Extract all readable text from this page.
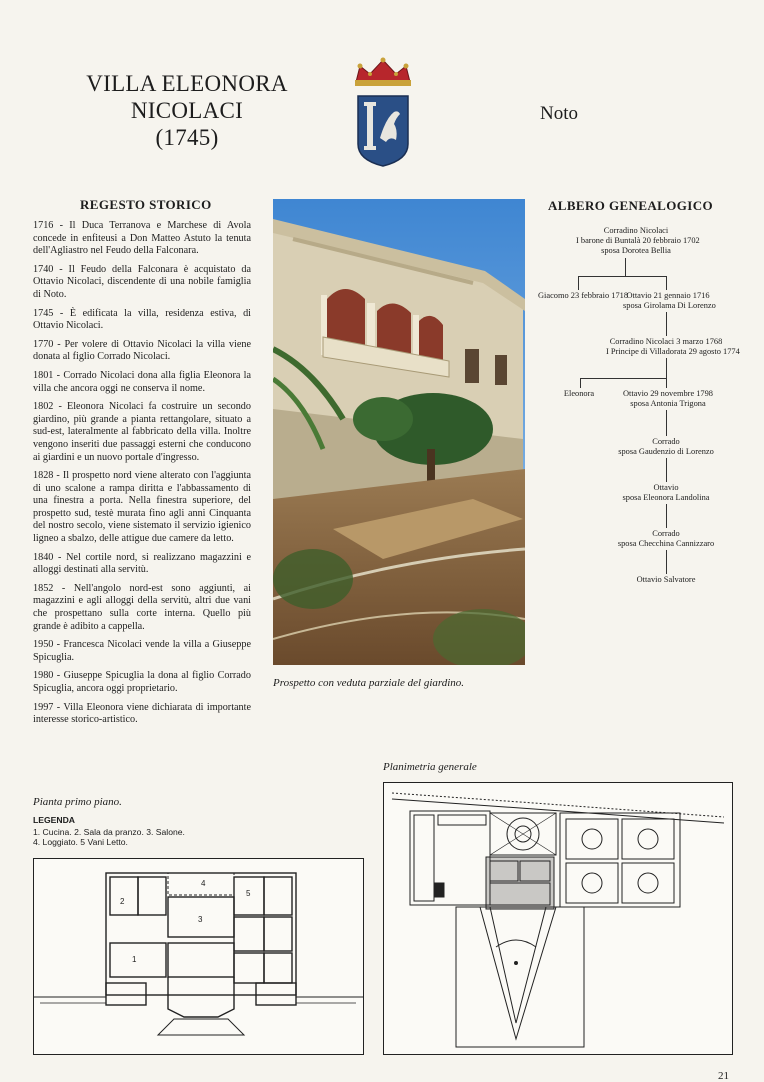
VILLA ELEONORA
NICOLACI
(1745)
Noto
REGESTO STORICO

1716 - Il Duca Terranova e Marchese di Avola concede in enfiteusi a Don Matteo Astuto la tenuta dell'Agliastro nel Feudo della Falconara.

1740 - Il Feudo della Falconara è acquistato da Ottavio Nicolaci, discendente di una nobile famiglia di Noto.

1745 - È edificata la villa, residenza estiva, di Ottavio Nicolaci.

1770 - Per volere di Ottavio Nicolaci la villa viene donata al figlio Corrado Nicolaci.

1801 - Corrado Nicolaci dona alla figlia Eleonora la villa che ancora oggi ne conserva il nome.

1802 - Eleonora Nicolaci fa costruire un secondo giardino, più grande a pianta rettangolare, situato a sud-est, lateralmente al fabbricato della villa. Inoltre vengono inseriti due passaggi esterni che conducono ai giardini e un nuovo portale d'ingresso.

1828 - Il prospetto nord viene alterato con l'aggiunta di uno scalone a rampa diritta e l'abbassamento di una finestra a porta. Nella finestra superiore, del prospetto sud, testè murata fino agli anni Cinquanta del nostro secolo, viene sistemato il servizio igienico ligneo a sbalzo, delle attigue due camere da letto.

1840 - Nel cortile nord, si realizzano magazzini e alloggi destinati alla servitù.

1852 - Nell'angolo nord-est sono aggiunti, ai magazzini e agli alloggi della servitù, altri due vani che prospettano sulla corte interna. Quello più grande è adibito a cappella.

1950 - Francesca Nicolaci vende la villa a Giuseppe Spicuglia.

1980 - Giuseppe Spicuglia la dona al figlio Corrado Spicuglia, ancora oggi proprietario.

1997 - Villa Eleonora viene dichiarata di importante interesse storico-artistico.

Prospetto con veduta parziale del giardino.
ALBERO GENEALOGICO
Corradino Nicolaci
I barone di Buntalà 20 febbraio 1702
sposa Dorotea Bellia
Giacomo 23 febbraio 1718
Ottavio 21 gennaio 1716
sposa Girolama Di Lorenzo
Corradino Nicolaci 3 marzo 1768
I Principe di Villadorata 29 agosto 1774
Eleonora	Ottavio 29 novembre 1798
sposa Antonia Trigona
Corrado
sposa Gaudenzio di Lorenzo
Ottavio
sposa Eleonora Landolina
Corrado
sposa Checchina Cannizzaro
Ottavio Salvatore
Planimetria generale
Pianta primo piano.
LEGENDA
1. Cucina. 2. Sala da pranzo. 3. Salone.
4. Loggiato. 5 Vani Letto.
4
2
3
5
1
21
